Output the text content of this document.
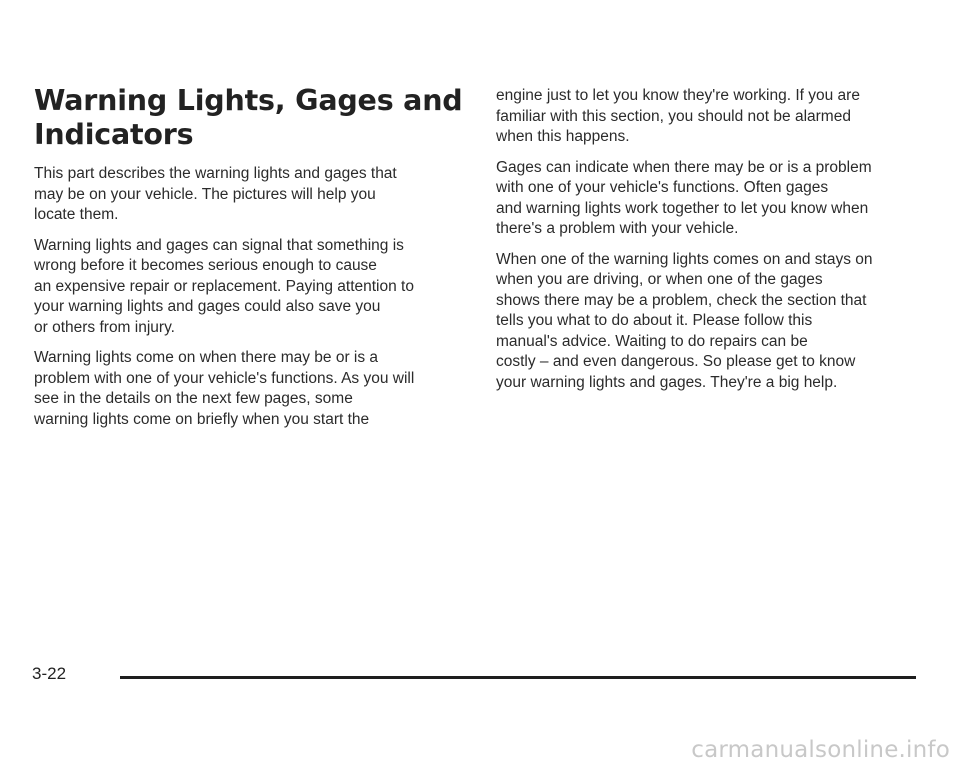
Warning Lights, Gages and
Indicators

This part describes the warning lights and gages that
may be on your vehicle. The pictures will help you
locate them.

Warning lights and gages can signal that something is
wrong before it becomes serious enough to cause
an expensive repair or replacement. Paying attention to
your warning lights and gages could also save you
or others from injury.

Warning lights come on when there may be or is a
problem with one of your vehicle's functions. As you will
see in the details on the next few pages, some
warning lights come on briefly when you start the

engine just to let you know they're working. If you are
familiar with this section, you should not be alarmed
when this happens.

Gages can indicate when there may be or is a problem
with one of your vehicle's functions. Often gages
and warning lights work together to let you know when
there's a problem with your vehicle.

When one of the warning lights comes on and stays on
when you are driving, or when one of the gages
shows there may be a problem, check the section that
tells you what to do about it. Please follow this
manual's advice. Waiting to do repairs can be
costly – and even dangerous. So please get to know
your warning lights and gages. They're a big help.

3-22
carmanualsonline.info
